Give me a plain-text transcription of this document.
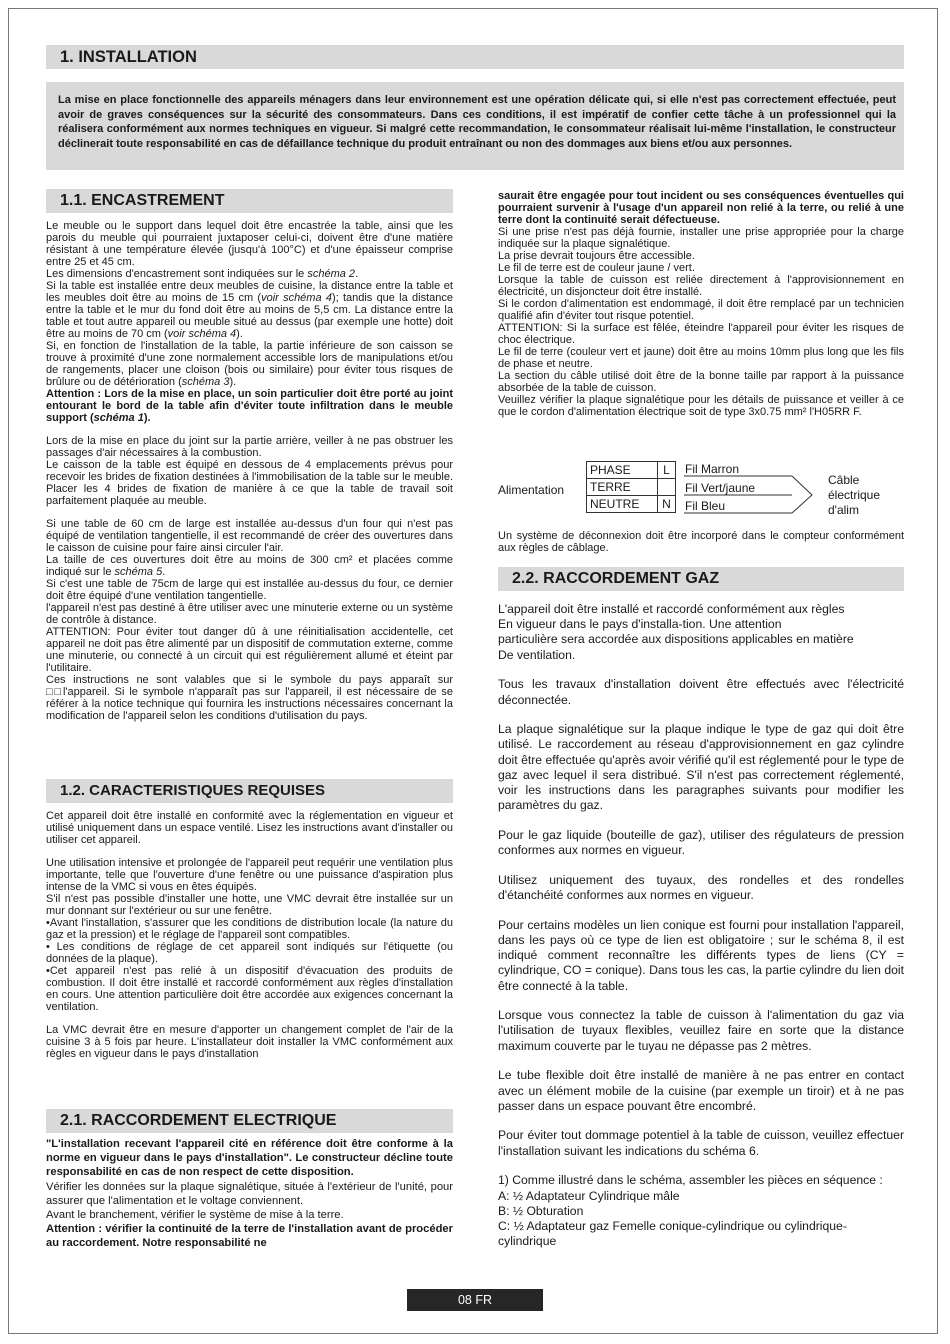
1. INSTALLATION
La mise en place fonctionnelle des appareils ménagers dans leur environnement est une opération délicate qui, si elle n'est pas correctement effectuée, peut avoir de graves conséquences sur la sécurité des consommateurs. Dans ces conditions, il est impératif de confier cette tâche à un professionnel qui la réalisera conformément aux normes techniques en vigueur. Si malgré cette recommandation, le consommateur réalisait lui-même l'installation, le constructeur déclinerait toute responsabilité en cas de défaillance technique du produit entraînant ou non des dommages aux biens et/ou aux personnes.
1.1. ENCASTREMENT

Le meuble ou le support dans lequel doit être encastrée la table, ainsi que les parois du meuble qui pourraient juxtaposer celui-ci, doivent être d'une matière résistant à une température élevée (jusqu'à 100°C) et d'une épaisseur comprise entre 25 et 45 cm.

Les dimensions d'encastrement sont indiquées sur le schéma 2.

Si la table est installée entre deux meubles de cuisine, la distance entre la table et les meubles doit être au moins de 15 cm (voir schéma 4); tandis que la distance entre la table et le mur du fond doit être au moins de 5,5 cm. La distance entre la table et tout autre appareil ou meuble situé au dessus (par exemple une hotte) doit être au moins de 70 cm (voir schéma 4).

Si, en fonction de l'installation de la table, la partie inférieure de son caisson se trouve à proximité d'une zone normalement accessible lors de manipulations et/ou de rangements, placer une cloison (bois ou similaire) pour éviter tous risques de brûlure ou de détérioration (schéma 3).

Attention : Lors de la mise en place, un soin particulier doit être porté au joint entourant le bord de la table afin d'éviter toute infiltration dans le meuble support (schéma 1).

Lors de la mise en place du joint sur la partie arrière, veiller à ne pas obstruer les passages d'air nécessaires à la combustion.

Le caisson de la table est équipé en dessous de 4 emplacements prévus pour recevoir les brides de fixation destinées à l'immobilisation de la table sur le meuble. Placer les 4 brides de fixation de manière à ce que la table de travail soit parfaitement plaquée au meuble.

Si une table de 60 cm de large est installée au-dessus d'un four qui n'est pas équipé de ventilation tangentielle, il est recommandé de créer des ouvertures dans le caisson de cuisine pour faire ainsi circuler l'air.

La taille de ces ouvertures doit être au moins de 300 cm² et placées comme indiqué sur le schéma 5.

Si c'est une table de 75cm de large qui est installée au-dessus du four, ce dernier doit être équipé d'une ventilation tangentielle.

l'appareil n'est pas destiné à être utiliser avec une minuterie externe ou un système de contrôle à distance.

ATTENTION: Pour éviter tout danger dû à une réinitialisation accidentelle, cet appareil ne doit pas être alimenté par un dispositif de commutation externe, comme une minuterie, ou connecté à un circuit qui est régulièrement allumé et éteint par l'utilitaire.

Ces instructions ne sont valables que si le symbole du pays apparaît sur □□l'appareil. Si le symbole n'apparaît pas sur l'appareil, il est nécessaire de se référer à la notice technique qui fournira les instructions nécessaires concernant la modification de l'appareil selon les conditions d'utilisation du pays.

1.2. CARACTERISTIQUES REQUISES

Cet appareil doit être installé en conformité avec la réglementation en vigueur et utilisé uniquement dans un espace ventilé. Lisez les instructions avant d'installer ou utiliser cet appareil.

Une utilisation intensive et prolongée de l'appareil peut requérir une ventilation plus importante, telle que l'ouverture d'une fenêtre ou une puissance d'aspiration plus intense de la VMC si vous en êtes équipés.

S'il n'est pas possible d'installer une hotte, une VMC devrait être installée sur un mur donnant sur l'extérieur ou sur une fenêtre.

•Avant l'installation, s'assurer que les conditions de distribution locale (la nature du gaz et la pression) et le réglage de l'appareil sont compatibles.

• Les conditions de réglage de cet appareil sont indiqués sur l'étiquette (ou données de la plaque).

•Cet appareil n'est pas relié à un dispositif d'évacuation des produits de combustion. Il doit être installé et raccordé conformément aux règles d'installation en cours. Une attention particulière doit être accordée aux exigences concernant la ventilation.

La VMC devrait être en mesure d'apporter un changement complet de l'air de la cuisine 3 à 5 fois par heure. L'installateur doit installer la VMC conformément aux règles en vigueur dans le pays d'installation

2.1. RACCORDEMENT ELECTRIQUE

"L'installation recevant l'appareil cité en référence doit être conforme à la norme en vigueur dans le pays d'installation". Le constructeur décline toute responsabilité en cas de non respect de cette disposition.

Vérifier les données sur la plaque signalétique, située à l'extérieur de l'unité, pour assurer que l'alimentation et le voltage conviennent.

Avant le branchement, vérifier le système de mise à la terre.

Attention : vérifier la continuité de la terre de l'installation avant de procéder au raccordement. Notre responsabilité ne

saurait être engagée pour tout incident ou ses conséquences éventuelles qui pourraient survenir à l'usage d'un appareil non relié à la terre, ou relié à une terre dont la continuité serait défectueuse.

Si une prise n'est pas déjà fournie, installer une prise appropriée pour la charge indiquée sur la plaque signalétique.

La prise devrait toujours être accessible.

Le fil de terre est de couleur jaune / vert.

Lorsque la table de cuisson est reliée directement à l'approvisionnement en électricité, un disjoncteur doit être installé.

Si le cordon d'alimentation est endommagé, il doit être remplacé par un technicien qualifié afin d'éviter tout risque potentiel.

ATTENTION: Si la surface est fêlée, éteindre l'appareil pour éviter les risques de choc électrique.

Le fil de terre (couleur vert et jaune) doit être au moins 10mm plus long que les fils de phase et neutre.

La section du câble utilisé doit être de la bonne taille par rapport à la puissance absorbée de la table de cuisson.

Veuillez vérifier la plaque signalétique pour les détails de puissance et veiller à ce que le cordon d'alimentation électrique soit de type 3x0.75 mm² l'H05RR F.

Alimentation
PHASE	L
TERRE	
NEUTRE	N
Fil Marron
Fil Vert/jaune
Fil Bleu
Câble
électrique
d'alim

Un système de déconnexion doit être incorporé dans le compteur conformément aux règles de câblage.

2.2. RACCORDEMENT GAZ

L'appareil doit être installé et raccordé conformément aux règles
En vigueur dans le pays d'installa-tion. Une attention
particulière sera accordée aux dispositions applicables en matière
De ventilation.

Tous les travaux d'installation doivent être effectués avec l'électricité déconnectée.

La plaque signalétique sur la plaque indique le type de gaz qui doit être utilisé. Le raccordement au réseau d'approvisionnement en gaz cylindre doit être effectuée qu'après avoir vérifié qu'il est réglementé pour le type de gaz avec lequel il sera distribué. S'il n'est pas correctement réglementé, voir les instructions dans les paragraphes suivants pour modifier les paramètres du gaz.

Pour le gaz liquide (bouteille de gaz), utiliser des régulateurs de pression conformes aux normes en vigueur.

Utilisez uniquement des tuyaux, des rondelles et des rondelles d'étanchéité conformes aux normes en vigueur.

Pour certains modèles un lien conique est fourni pour installation l'appareil, dans les pays où ce type de lien est obligatoire ; sur le schéma 8, il est indiqué comment reconnaître les différents types de liens (CY = cylindrique, CO = conique). Dans tous les cas, la partie cylindre du lien doit être connecté à la table.

Lorsque vous connectez la table de cuisson à l'alimentation du gaz via l'utilisation de tuyaux flexibles, veuillez faire en sorte que la distance maximum couverte par le tuyau ne dépasse pas 2 mètres.

Le tube flexible doit être installé de manière à ne pas entrer en contact avec un élément mobile de la cuisine (par exemple un tiroir) et à ne pas passer dans un espace pouvant être encombré.

Pour éviter tout dommage potentiel à la table de cuisson, veuillez effectuer l'installation suivant les indications du schéma 6.

1) Comme illustré dans le schéma, assembler les pièces en séquence :

A: ½ Adaptateur Cylindrique mâle

B: ½ Obturation

C: ½ Adaptateur gaz Femelle conique-cylindrique ou cylindrique-cylindrique

08 FR
